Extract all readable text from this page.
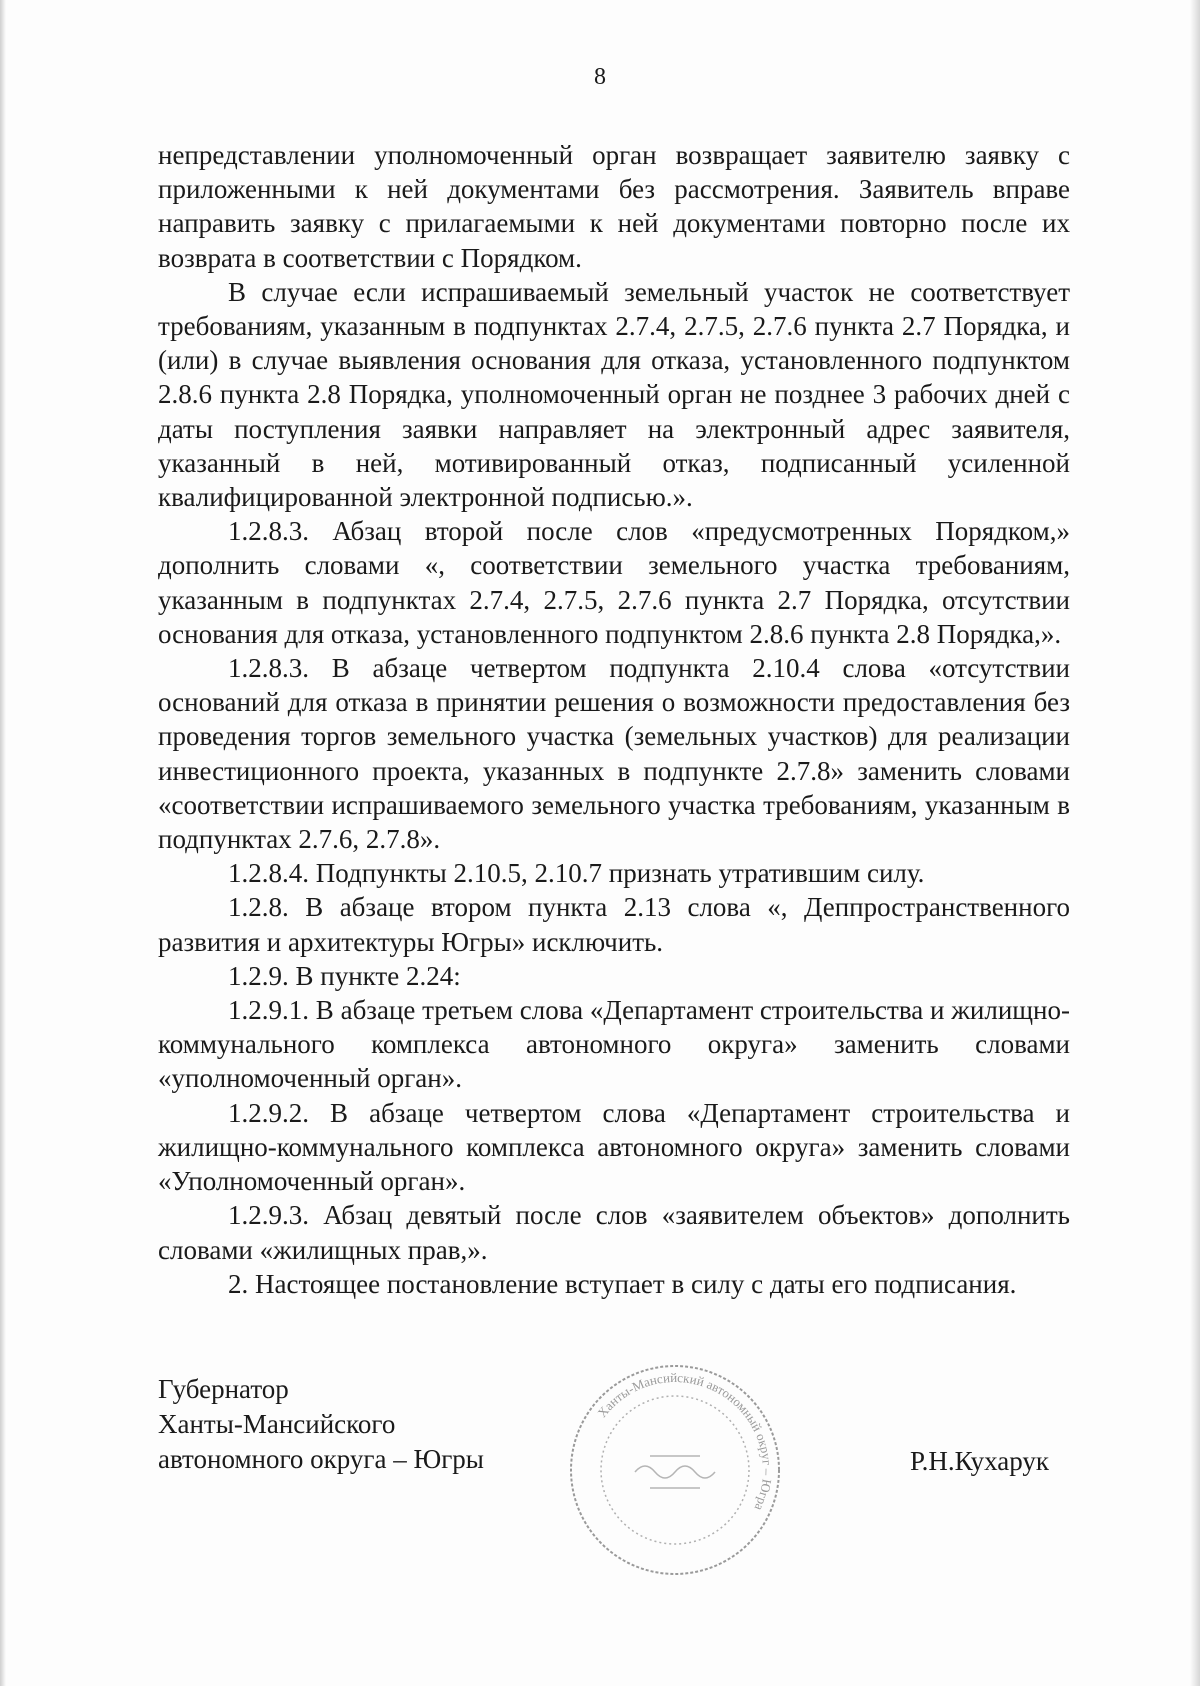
8

непредставлении уполномоченный орган возвращает заявителю заявку с приложенными к ней документами без рассмотрения. Заявитель вправе направить заявку с прилагаемыми к ней документами повторно после их возврата в соответствии с Порядком.

В случае если испрашиваемый земельный участок не соответствует требованиям, указанным в подпунктах 2.7.4, 2.7.5, 2.7.6 пункта 2.7 Порядка, и (или) в случае выявления основания для отказа, установленного подпунктом 2.8.6 пункта 2.8 Порядка, уполномоченный орган не позднее 3 рабочих дней с даты поступления заявки направляет на электронный адрес заявителя, указанный в ней, мотивированный отказ, подписанный усиленной квалифицированной электронной подписью.».

1.2.8.3. Абзац второй после слов «предусмотренных Порядком,» дополнить словами «, соответствии земельного участка требованиям, указанным в подпунктах 2.7.4, 2.7.5, 2.7.6 пункта 2.7 Порядка, отсутствии основания для отказа, установленного подпунктом 2.8.6 пункта 2.8 Порядка,».

1.2.8.3. В абзаце четвертом подпункта 2.10.4 слова «отсутствии оснований для отказа в принятии решения о возможности предоставления без проведения торгов земельного участка (земельных участков) для реализации инвестиционного проекта, указанных в подпункте 2.7.8» заменить словами «соответствии испрашиваемого земельного участка требованиям, указанным в подпунктах 2.7.6, 2.7.8».

1.2.8.4. Подпункты 2.10.5, 2.10.7 признать утратившим силу.

1.2.8. В абзаце втором пункта 2.13 слова «, Деппространственного развития и архитектуры Югры» исключить.

1.2.9. В пункте 2.24:

1.2.9.1. В абзаце третьем слова «Департамент строительства и жилищно-коммунального комплекса автономного округа» заменить словами «уполномоченный орган».

1.2.9.2. В абзаце четвертом слова «Департамент строительства и жилищно-коммунального комплекса автономного округа» заменить словами «Уполномоченный орган».

1.2.9.3. Абзац девятый после слов «заявителем объектов» дополнить словами «жилищных прав,».

2. Настоящее постановление вступает в силу с даты его подписания.

Губернатор
Ханты-Мансийского
автономного округа – Югры
Ханты-Мансийский автономный округ – Югра
Р.Н.Кухарук
